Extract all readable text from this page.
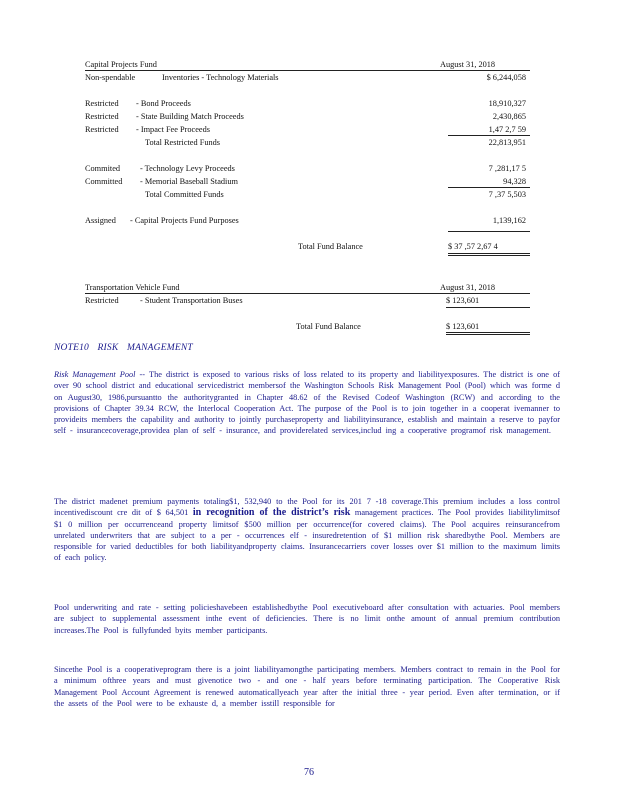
Capital Projects Fund	August 31, 2018
Non-spendable	Inventories - Technology Materials	$ 6,244,058
Restricted - Bond Proceeds	18,910,327
Restricted - State Building Match Proceeds	2,430,865
Restricted - Impact Fee Proceeds	1,47 2,7 59
Total Restricted Funds	22,813,951
Commited - Technology Levy Proceeds	7 ,281,17 5
Committed - Memorial Baseball Stadium	94,328
Total Committed Funds	7 ,37 5,503
Assigned - Capital Projects Fund Purposes	1,139,162
Total Fund Balance	$ 37 ,57 2,67 4
Transportation Vehicle Fund	August 31, 2018
Restricted	- Student Transportation Buses	$ 123,601
Total Fund Balance	$ 123,601
NOTE10 RISK MANAGEMENT
Risk Management Pool -- The district is exposed to various risks of loss related to its property and liabilityexposures. The district is one of over 90 school district and educational servicedistrict membersof the Washington Schools Risk Management Pool (Pool) which was forme d on August30, 1986,pursuantto the authoritygranted in Chapter 48.62 of the Revised Codeof Washington (RCW) and according to the provisions of Chapter 39.34 RCW, the Interlocal Cooperation Act. The purpose of the Pool is to join together in a cooperat ivemanner to provideits members the capability and authority to jointly purchaseproperty and liabilityinsurance, establish and maintain a reserve to payfor self - insurancecoverage,providea plan of self - insurance, and providerelated services,includ ing a cooperative programof risk management.
The district madenet premium payments totaling$1, 532,940 to the Pool for its 201 7 -18 coverage.This premium includes a loss control incentivediscount cre dit of $ 64,501 in recognition of the district’s risk management practices. The Pool provides liabilitylimitsof $1 0 million per occurrenceand property limitsof $500 million per occurrence(for covered claims). The Pool acquires reinsurancefrom unrelated underwriters that are subject to a per - occurrences elf - insuredretention of $1 million risk sharedbythe Pool. Members are responsible for varied deductibles for both liabilityandproperty claims. Insurancecarriers cover losses over $1 million to the maximum limits of each policy.
Pool underwriting and rate - setting policieshavebeen establishedbythe Pool executiveboard after consultation with actuaries. Pool members are subject to supplemental assessment inthe event of deficiencies. There is no limit onthe amount of annual premium contribution increases.The Pool is fullyfunded byits member participants.
Sincethe Pool is a cooperativeprogram there is a joint liabilityamongthe participating members. Members contract to remain in the Pool for a minimum ofthree years and must givenotice two - and one - half years before terminating participation. The Cooperative Risk Management Pool Account Agreement is renewed automaticallyeach year after the initial three - year period. Even after termination, or if the assets of the Pool were to be exhauste d, a member isstill responsible for
76
